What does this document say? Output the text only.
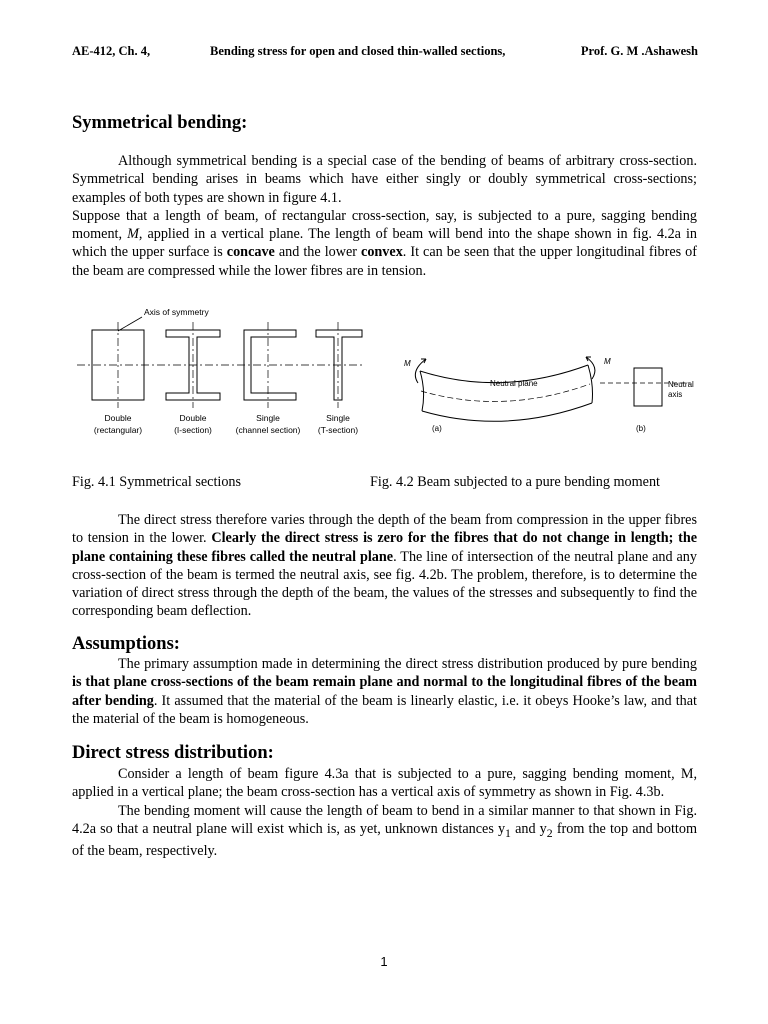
AE-412, Ch. 4,	Bending stress for open and closed thin-walled sections,	Prof. G. M .Ashawesh
Symmetrical bending:

Although symmetrical bending is a special case of the bending of beams of arbitrary cross-section. Symmetrical bending arises in beams which have either singly or doubly symmetrical cross-sections; examples of both types are shown in figure 4.1.

Suppose that a length of beam, of rectangular cross-section, say, is subjected to a pure, sagging bending moment, M, applied in a vertical plane. The length of beam will bend into the shape shown in fig. 4.2a in which the upper surface is concave and the lower convex. It can be seen that the upper longitudinal fibres of the beam are compressed while the lower fibres are in tension.

Axis of symmetry
Double
(rectangular)
Double
(I-section)
Single
(channel section)
Single
(T-section)
M	M
Neutral plane	Neutral
axis
(a)	(b)
Fig. 4.1 Symmetrical sections	Fig. 4.2 Beam subjected to a pure bending moment

The direct stress therefore varies through the depth of the beam from compression in the upper fibres to tension in the lower. Clearly the direct stress is zero for the fibres that do not change in length; the plane containing these fibres called the neutral plane. The line of intersection of the neutral plane and any cross-section of the beam is termed the neutral axis, see fig. 4.2b. The problem, therefore, is to determine the variation of direct stress through the depth of the beam, the values of the stresses and subsequently to find the corresponding beam deflection.

Assumptions:

The primary assumption made in determining the direct stress distribution produced by pure bending is that plane cross-sections of the beam remain plane and normal to the longitudinal fibres of the beam after bending. It assumed that the material of the beam is linearly elastic, i.e. it obeys Hooke’s law, and that the material of the beam is homogeneous.

Direct stress distribution:

Consider a length of beam figure 4.3a that is subjected to a pure, sagging bending moment, M, applied in a vertical plane; the beam cross-section has a vertical axis of symmetry as shown in Fig. 4.3b.

The bending moment will cause the length of beam to bend in a similar manner to that shown in Fig. 4.2a so that a neutral plane will exist which is, as yet, unknown distances $y_1$ and $y_2$ from the top and bottom of the beam, respectively.

1
